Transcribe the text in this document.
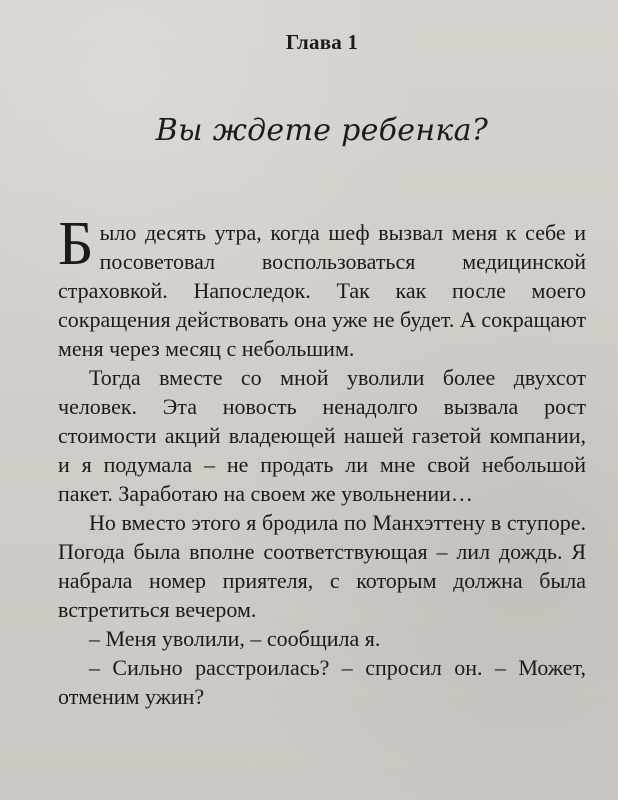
Глава 1
Вы ждете ребенка?

Было десять утра, когда шеф вызвал меня к себе и посоветовал воспользоваться медицинской страховкой. Напоследок. Так как после моего сокращения действовать она уже не будет. А сокращают меня через месяц с небольшим.

Тогда вместе со мной уволили более двухсот человек. Эта новость ненадолго вызвала рост стоимости акций владеющей нашей газетой компании, и я подумала – не продать ли мне свой небольшой пакет. Заработаю на своем же увольнении…

Но вместо этого я бродила по Манхэттену в ступоре. Погода была вполне соответствующая – лил дождь. Я набрала номер приятеля, с которым должна была встретиться вечером.

– Меня уволили, – сообщила я.

– Сильно расстроилась? – спросил он. – Может, отменим ужин?
